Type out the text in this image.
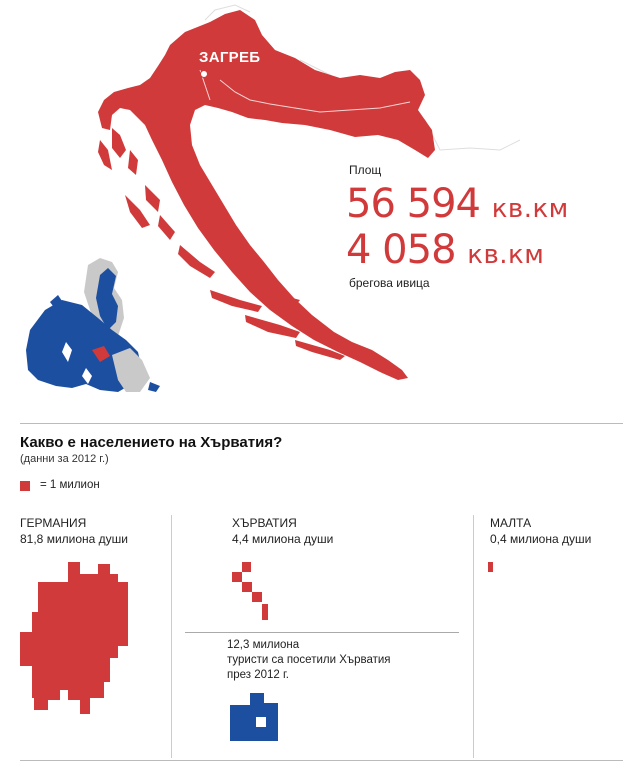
ЗАГРЕБ
Площ
56 594 кв.км
4 058 кв.км
брегова ивица
Какво е населението на Хърватия?
(данни за 2012 г.)
= 1 милион
ГЕРМАНИЯ
81,8 милиона души
ХЪРВАТИЯ
4,4 милиона души
МАЛТА
0,4 милиона души
12,3 милиона
туристи са посетили Хърватия
през 2012 г.
